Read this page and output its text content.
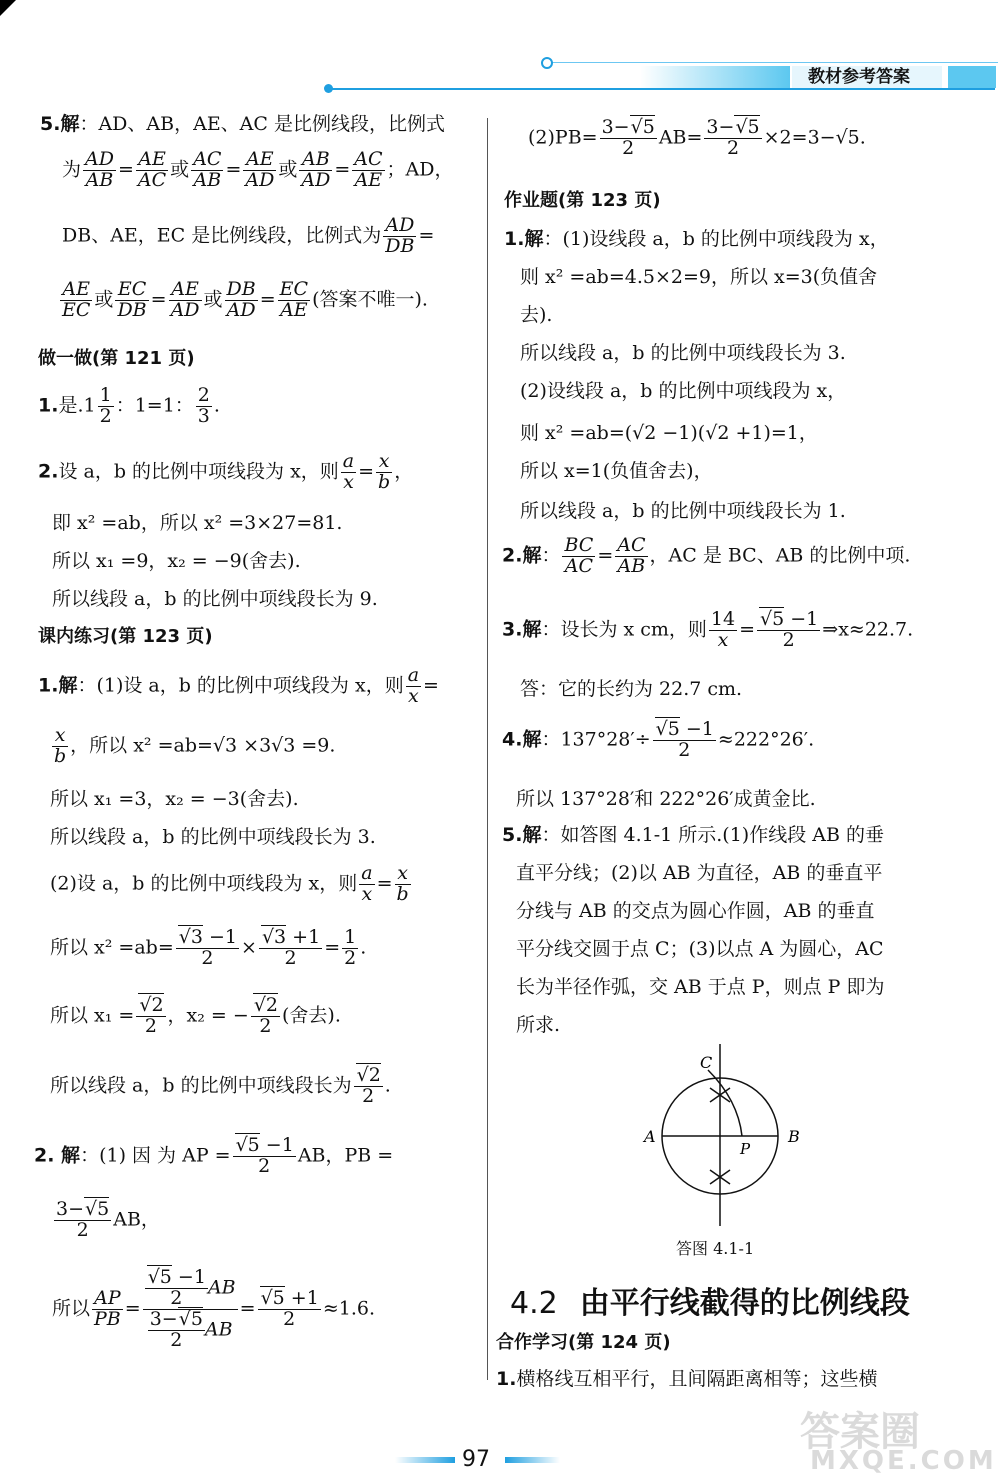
教材参考答案
5.解：AD、AB，AE、AC 是比例线段，比例式
为 $\frac{AD}{AB} = \frac{AE}{AC}$ 或 $\frac{AC}{AB} = \frac{AE}{AD}$ 或 $\frac{AB}{AD} = \frac{AC}{AE}$ ；AD，
DB、AE，EC 是比例线段，比例式为 $\frac{AD}{DB}$ =
$\frac{AE}{EC}$ 或 $\frac{EC}{DB} = \frac{AE}{AD}$ 或 $\frac{DB}{AD} = \frac{EC}{AE}$ (答案不唯一).
做一做(第 121 页)
1.是$.1 \frac{1}{2}$ ：1=1： $\frac{2}{3}$ .
2.设 a，b 的比例中项线段为 x，则 $\frac{a}{x} = \frac{x}{b}$ ，
即 x² =ab，所以 x² =3×27=81.
所以 x₁ =9，x₂ = −9(舍去).
所以线段 a，b 的比例中项线段长为 9.
课内练习(第 123 页)
1.解：(1)设 a，b 的比例中项线段为 x，则 $\frac{a}{x}$ =
$\frac{x}{b}$ ，所以 x² =ab=√3 ×3√3 =9.
所以 x₁ =3，x₂ = −3(舍去).
所以线段 a，b 的比例中项线段长为 3.
(2)设 a，b 的比例中项线段为 x，则 $\frac{a}{x} = \frac{x}{b}$
所以 x² =ab= √ $\frac{3 -1}{2}$ × √ $\frac{3 +1}{2} = \frac{1}{2}$ .
所以 x₁ = √ $\frac{2}{2}$ ，x₂ = − √ $\frac{2}{2}$ (舍去).
所以线段 a，b 的比例中项线段长为 √ $\frac{2}{2}$ .
2. 解：(1) 因 为 AP = √ $\frac{5 -1}{2}$ AB，PB =
$\frac{3- √ 5}{2}$ AB，
所以 $\frac{AP}{PB}$ = √ $\frac{\frac{5 -1}{2} AB}{\frac{3- √ 5}{2} AB}$ = √ $\frac{5 +1}{2} \approx 1.6$.
$(2)PB= \frac{3- √ 5}{2} AB= \frac{3- √ 5}{2} \times 2=3-√5$.
作业题(第 123 页)
1.解：(1)设线段 a，b 的比例中项线段为 x，
则 x² =ab=4.5×2=9，所以 x=3(负值舍
去).
所以线段 a，b 的比例中项线段长为 3.
(2)设线段 a，b 的比例中项线段为 x，
则 x² =ab=(√2 −1)(√2 +1)=1，
所以 x=1(负值舍去)，
所以线段 a，b 的比例中项线段长为 1.
2.解： $\frac{BC}{AC} = \frac{AC}{AB}$ ，AC 是 BC、AB 的比例中项.
3.解：设长为 x cm，则 $\frac{14}{x}$ = √ $\frac{5 -1}{2}$ ⇒x≈22.7.
答：它的长约为 22.7 cm.
4.解：137°28′÷ √ $\frac{5 -1}{2} \approx 222^\circ 26'$.
所以 137°28′和 222°26′成黄金比.
5.解：如答图 4.1-1 所示.(1)作线段 AB 的垂
直平分线；(2)以 AB 为直径，AB 的垂直平
分线与 AB 的交点为圆心作圆，AB 的垂直
平分线交圆于点 C；(3)以点 A 为圆心，AC
长为半径作弧，交 AB 于点 P，则点 P 即为
所求.
C
A	B
P
答图 4.1-1
4.2 由平行线截得的比例线段
合作学习(第 124 页)
1.横格线互相平行，且间隔距离相等；这些横
97
答案圈
MXQE.COM
